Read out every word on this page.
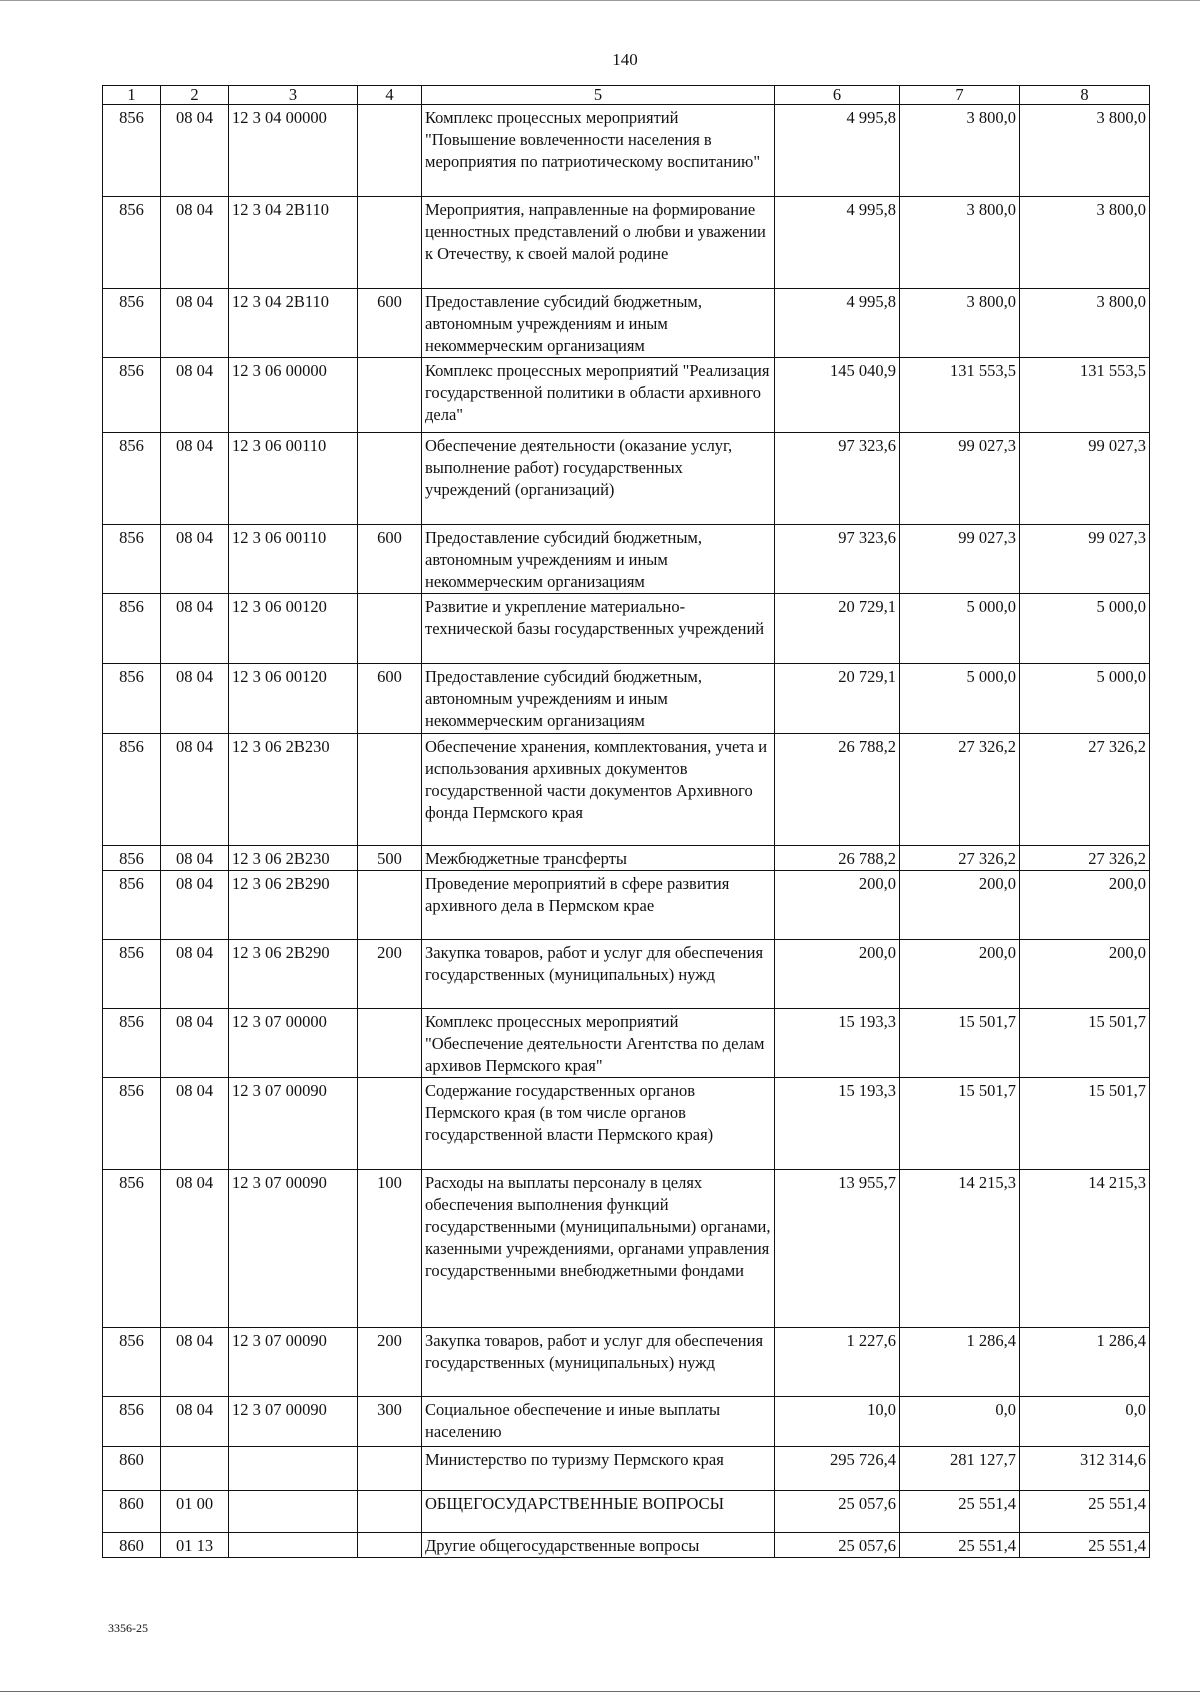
140
1	2	3	4	5	6	7	8
856	08 04	12 3 04 00000		Комплекс процессных мероприятий "Повышение вовлеченности населения в мероприятия по патриотическому воспитанию"	4 995,8	3 800,0	3 800,0
856	08 04	12 3 04 2В110		Мероприятия, направленные на формирование ценностных представлений о любви и уважении к Отечеству, к своей малой родине	4 995,8	3 800,0	3 800,0
856	08 04	12 3 04 2В110	600	Предоставление субсидий бюджетным, автономным учреждениям и иным некоммерческим организациям	4 995,8	3 800,0	3 800,0
856	08 04	12 3 06 00000		Комплекс процессных мероприятий "Реализация государственной политики в области архивного дела"	145 040,9	131 553,5	131 553,5
856	08 04	12 3 06 00110		Обеспечение деятельности (оказание услуг, выполнение работ) государственных учреждений (организаций)	97 323,6	99 027,3	99 027,3
856	08 04	12 3 06 00110	600	Предоставление субсидий бюджетным, автономным учреждениям и иным некоммерческим организациям	97 323,6	99 027,3	99 027,3
856	08 04	12 3 06 00120		Развитие и укрепление материально-технической базы государственных учреждений	20 729,1	5 000,0	5 000,0
856	08 04	12 3 06 00120	600	Предоставление субсидий бюджетным, автономным учреждениям и иным некоммерческим организациям	20 729,1	5 000,0	5 000,0
856	08 04	12 3 06 2В230		Обеспечение хранения, комплектования, учета и использования архивных документов государственной части документов Архивного фонда Пермского края	26 788,2	27 326,2	27 326,2
856	08 04	12 3 06 2В230	500	Межбюджетные трансферты	26 788,2	27 326,2	27 326,2
856	08 04	12 3 06 2В290		Проведение мероприятий в сфере развития архивного дела в Пермском крае	200,0	200,0	200,0
856	08 04	12 3 06 2В290	200	Закупка товаров, работ и услуг для обеспечения государственных (муниципальных) нужд	200,0	200,0	200,0
856	08 04	12 3 07 00000		Комплекс процессных мероприятий "Обеспечение деятельности Агентства по делам архивов Пермского края"	15 193,3	15 501,7	15 501,7
856	08 04	12 3 07 00090		Содержание государственных органов Пермского края (в том числе органов государственной власти Пермского края)	15 193,3	15 501,7	15 501,7
856	08 04	12 3 07 00090	100	Расходы на выплаты персоналу в целях обеспечения выполнения функций государственными (муниципальными) органами, казенными учреждениями, органами управления государственными внебюджетными фондами	13 955,7	14 215,3	14 215,3
856	08 04	12 3 07 00090	200	Закупка товаров, работ и услуг для обеспечения государственных (муниципальных) нужд	1 227,6	1 286,4	1 286,4
856	08 04	12 3 07 00090	300	Социальное обеспечение и иные выплаты населению	10,0	0,0	0,0
860				Министерство по туризму Пермского края	295 726,4	281 127,7	312 314,6
860	01 00			ОБЩЕГОСУДАРСТВЕННЫЕ ВОПРОСЫ	25 057,6	25 551,4	25 551,4
860	01 13			Другие общегосударственные вопросы	25 057,6	25 551,4	25 551,4
3356-25
